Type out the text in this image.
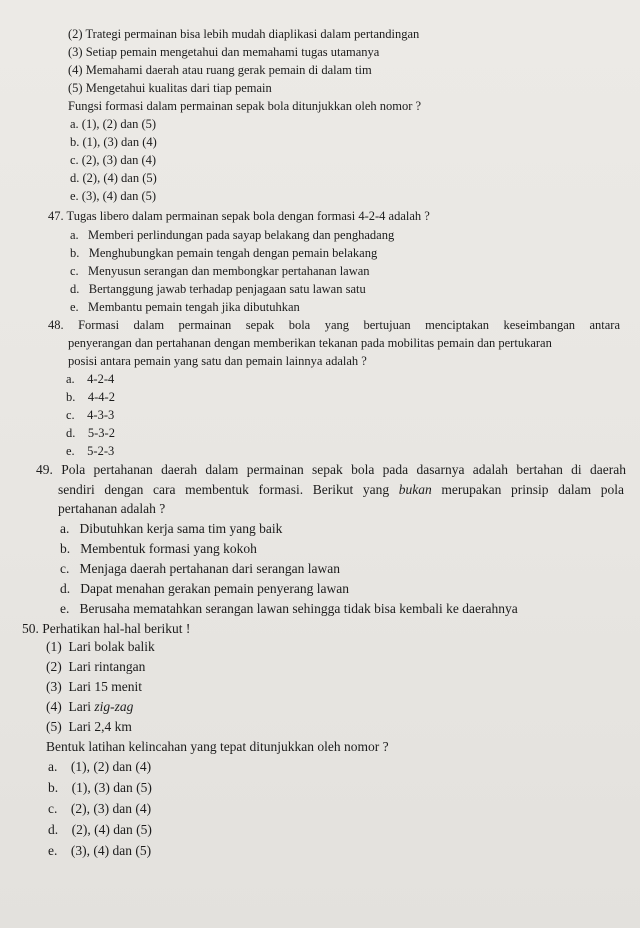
(2) Trategi permainan bisa lebih mudah diaplikasi dalam pertandingan
(3) Setiap pemain mengetahui dan memahami tugas utamanya
(4) Memahami daerah atau ruang gerak pemain di dalam tim
(5) Mengetahui kualitas dari tiap pemain
Fungsi formasi dalam permainan sepak bola ditunjukkan oleh nomor ?
a. (1), (2) dan (5)
b. (1), (3) dan (4)
c. (2), (3) dan (4)
d. (2), (4) dan (5)
e. (3), (4) dan (5)
47. Tugas libero dalam permainan sepak bola dengan formasi 4-2-4 adalah ?
a.   Memberi perlindungan pada sayap belakang dan penghadang
b.   Menghubungkan pemain tengah dengan pemain belakang
c.   Menyusun serangan dan membongkar pertahanan lawan
d.   Bertanggung jawab terhadap penjagaan satu lawan satu
e.   Membantu pemain tengah jika dibutuhkan
48. Formasi dalam permainan sepak bola yang bertujuan menciptakan keseimbangan antara
penyerangan dan pertahanan dengan memberikan tekanan pada mobilitas pemain dan pertukaran
posisi antara pemain yang satu dan pemain lainnya adalah ?
a.    4-2-4
b.    4-4-2
c.    4-3-3
d.    5-3-2
e.    5-2-3
49. Pola pertahanan daerah dalam permainan sepak bola pada dasarnya adalah bertahan di daerah
sendiri dengan cara membentuk formasi. Berikut yang bukan merupakan prinsip dalam pola
pertahanan adalah ?
a.   Dibutuhkan kerja sama tim yang baik
b.   Membentuk formasi yang kokoh
c.   Menjaga daerah pertahanan dari serangan lawan
d.   Dapat menahan gerakan pemain penyerang lawan
e.   Berusaha mematahkan serangan lawan sehingga tidak bisa kembali ke daerahnya
50. Perhatikan hal-hal berikut !
(1)  Lari bolak balik
(2)  Lari rintangan
(3)  Lari 15 menit
(4)  Lari zig-zag
(5)  Lari 2,4 km
Bentuk latihan kelincahan yang tepat ditunjukkan oleh nomor ?
a.    (1), (2) dan (4)
b.    (1), (3) dan (5)
c.    (2), (3) dan (4)
d.    (2), (4) dan (5)
e.    (3), (4) dan (5)
